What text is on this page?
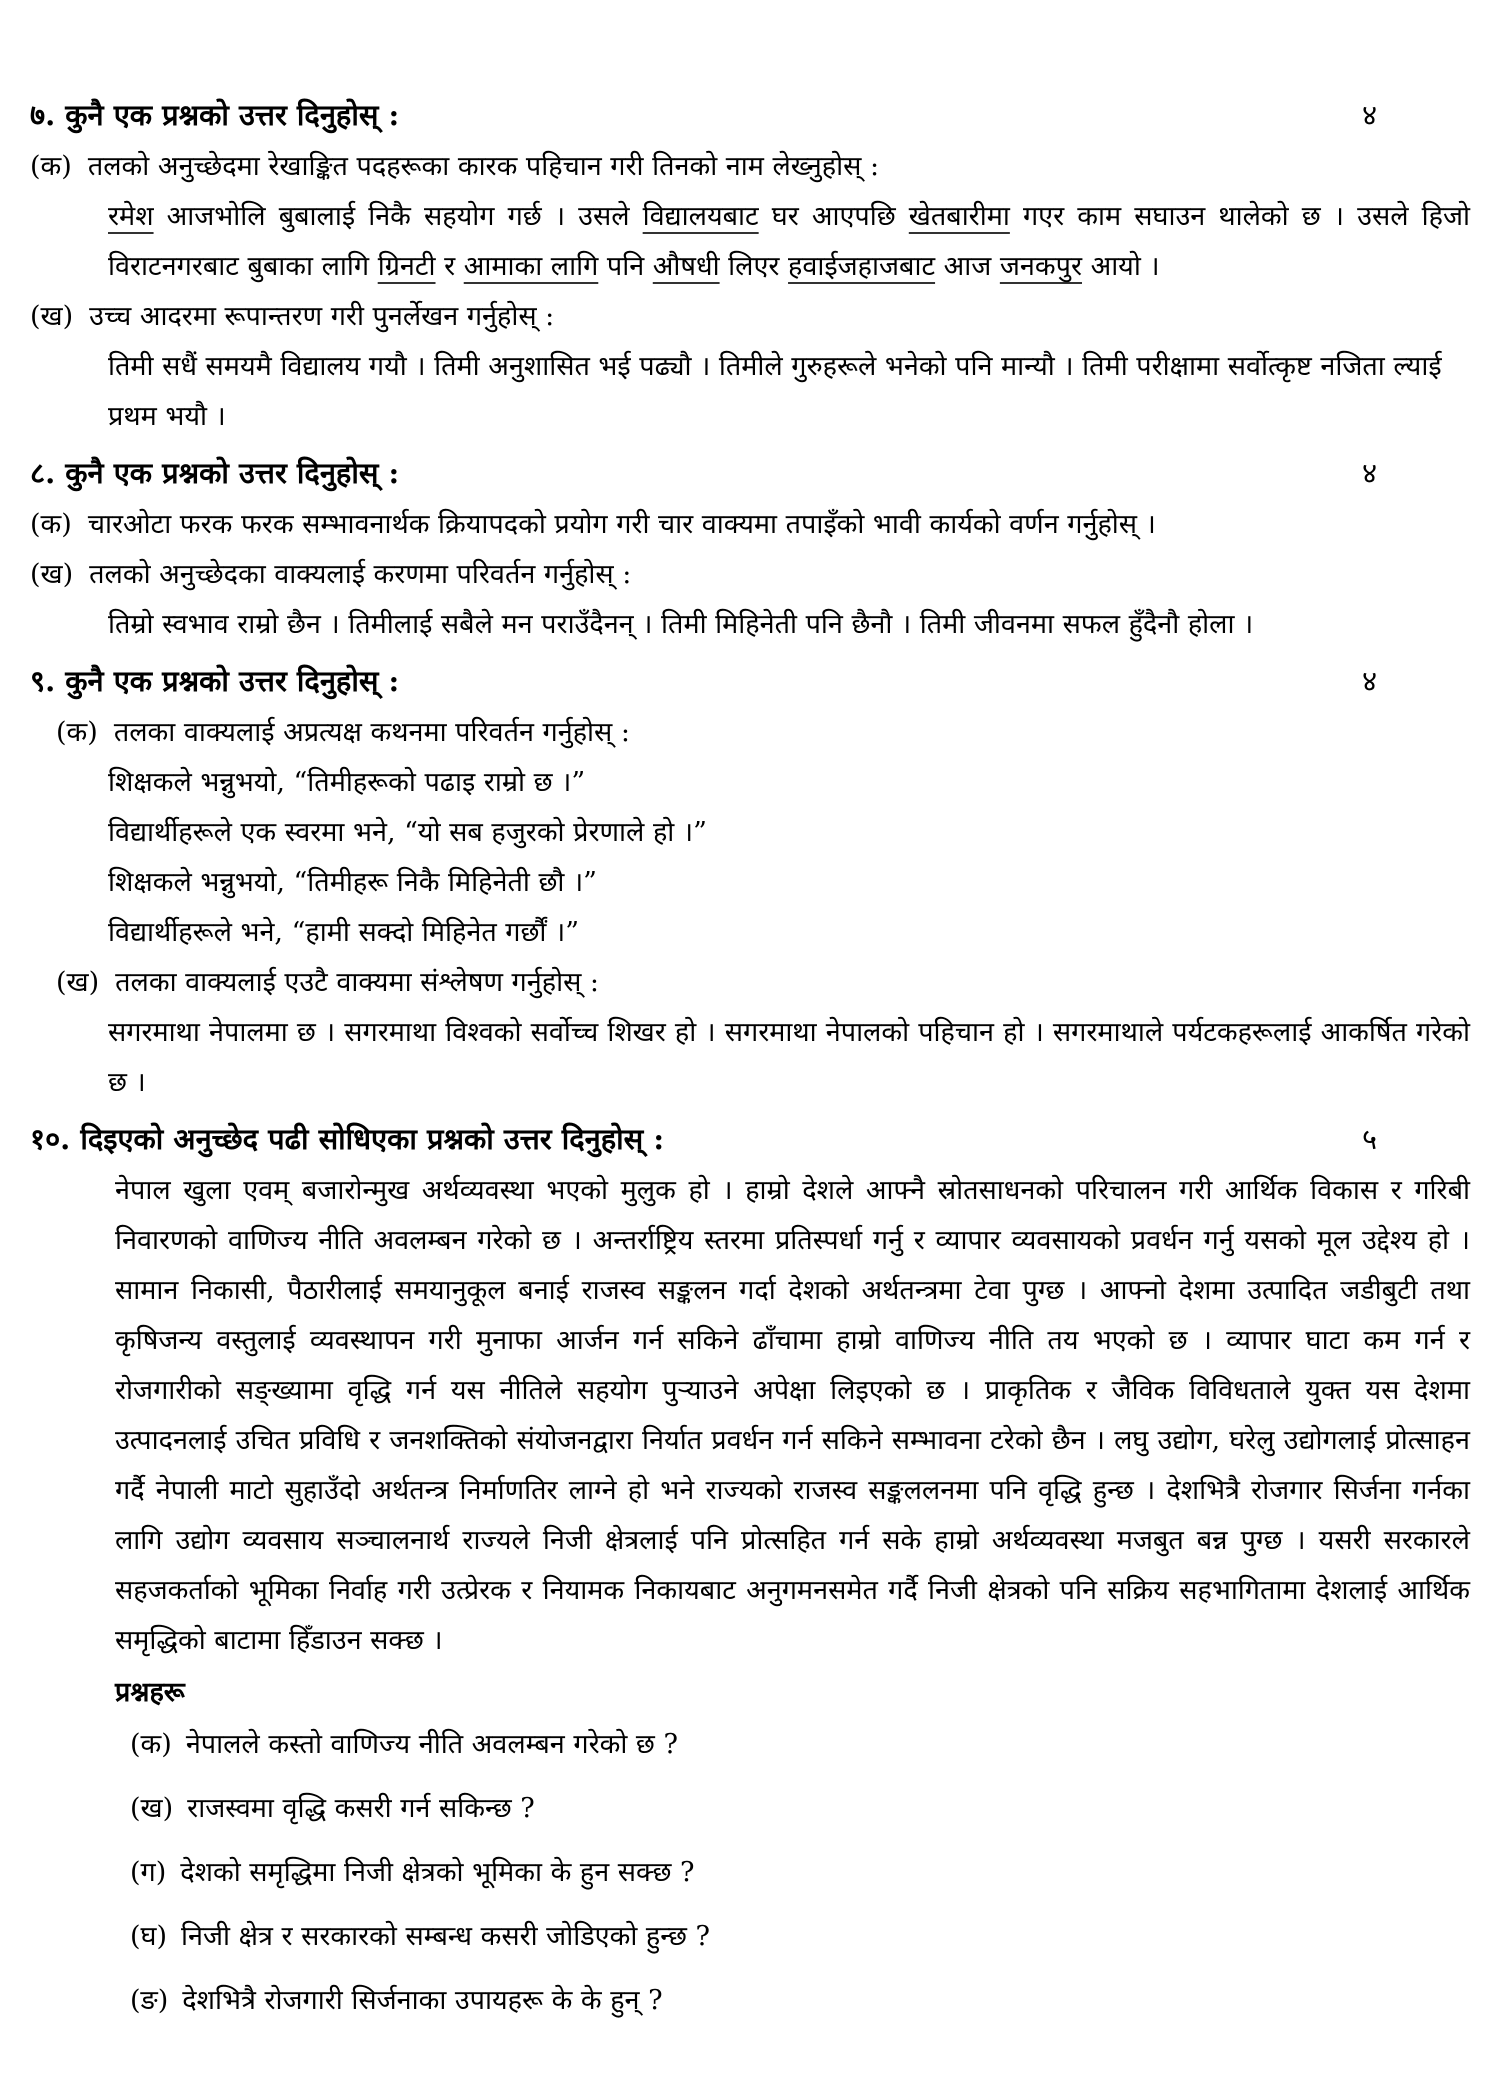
७. कुनै एक प्रश्नको उत्तर दिनुहोस् :	४
(क) तलको अनुच्छेदमा रेखाङ्कित पदहरूका कारक पहिचान गरी तिनको नाम लेख्नुहोस् :

रमेश आजभोलि बुबालाई निकै सहयोग गर्छ । उसले विद्यालयबाट घर आएपछि खेतबारीमा गएर काम सघाउन थालेको छ । उसले हिजो विराटनगरबाट बुबाका लागि ग्रिनटी र आमाका लागि पनि औषधी लिएर हवाईजहाजबाट आज जनकपुर आयो ।

(ख) उच्च आदरमा रूपान्तरण गरी पुनर्लेखन गर्नुहोस् :

तिमी सधैं समयमै विद्यालय गयौ । तिमी अनुशासित भई पढ्यौ । तिमीले गुरुहरूले भनेको पनि मान्यौ । तिमी परीक्षामा सर्वोत्कृष्ट नजिता ल्याई प्रथम भयौ ।

८. कुनै एक प्रश्नको उत्तर दिनुहोस् :	४
(क) चारओटा फरक फरक सम्भावनार्थक क्रियापदको प्रयोग गरी चार वाक्यमा तपाइँको भावी कार्यको वर्णन गर्नुहोस् ।
(ख) तलको अनुच्छेदका वाक्यलाई करणमा परिवर्तन गर्नुहोस् :

तिम्रो स्वभाव राम्रो छैन । तिमीलाई सबैले मन पराउँदैनन् । तिमी मिहिनेती पनि छैनौ । तिमी जीवनमा सफल हुँदैनौ होला ।

९. कुनै एक प्रश्नको उत्तर दिनुहोस् :	४
(क) तलका वाक्यलाई अप्रत्यक्ष कथनमा परिवर्तन गर्नुहोस् :
शिक्षकले भन्नुभयो, “तिमीहरूको पढाइ राम्रो छ ।”
विद्यार्थीहरूले एक स्वरमा भने, “यो सब हजुरको प्रेरणाले हो ।”
शिक्षकले भन्नुभयो, “तिमीहरू निकै मिहिनेती छौ ।”
विद्यार्थीहरूले भने, “हामी सक्दो मिहिनेत गर्छौं ।”
(ख) तलका वाक्यलाई एउटै वाक्यमा संश्लेषण गर्नुहोस् :

सगरमाथा नेपालमा छ । सगरमाथा विश्वको सर्वोच्च शिखर हो । सगरमाथा नेपालको पहिचान हो । सगरमाथाले पर्यटकहरूलाई आकर्षित गरेको छ ।

१०. दिइएको अनुच्छेद पढी सोधिएका प्रश्नको उत्तर दिनुहोस् :	५

नेपाल खुला एवम् बजारोन्मुख अर्थव्यवस्था भएको मुलुक हो । हाम्रो देशले आफ्नै स्रोतसाधनको परिचालन गरी आर्थिक विकास र गरिबी निवारणको वाणिज्य नीति अवलम्बन गरेको छ । अन्तर्राष्ट्रिय स्तरमा प्रतिस्पर्धा गर्नु र व्यापार व्यवसायको प्रवर्धन गर्नु यसको मूल उद्देश्य हो । सामान निकासी, पैठारीलाई समयानुकूल बनाई राजस्व सङ्कलन गर्दा देशको अर्थतन्त्रमा टेवा पुग्छ । आफ्नो देशमा उत्पादित जडीबुटी तथा कृषिजन्य वस्तुलाई व्यवस्थापन गरी मुनाफा आर्जन गर्न सकिने ढाँचामा हाम्रो वाणिज्य नीति तय भएको छ । व्यापार घाटा कम गर्न र रोजगारीको सङ्ख्यामा वृद्धि गर्न यस नीतिले सहयोग पुऱ्याउने अपेक्षा लिइएको छ । प्राकृतिक र जैविक विविधताले युक्त यस देशमा उत्पादनलाई उचित प्रविधि र जनशक्तिको संयोजनद्वारा निर्यात प्रवर्धन गर्न सकिने सम्भावना टरेको छैन । लघु उद्योग, घरेलु उद्योगलाई प्रोत्साहन गर्दै नेपाली माटो सुहाउँदो अर्थतन्त्र निर्माणतिर लाग्ने हो भने राज्यको राजस्व सङ्कललनमा पनि वृद्धि हुन्छ । देशभित्रै रोजगार सिर्जना गर्नका लागि उद्योग व्यवसाय सञ्चालनार्थ राज्यले निजी क्षेत्रलाई पनि प्रोत्सहित गर्न सके हाम्रो अर्थव्यवस्था मजबुत बन्न पुग्छ । यसरी सरकारले सहजकर्ताको भूमिका निर्वाह गरी उत्प्रेरक र नियामक निकायबाट अनुगमनसमेत गर्दै निजी क्षेत्रको पनि सक्रिय सहभागितामा देशलाई आर्थिक समृद्धिको बाटामा हिँडाउन सक्छ ।

प्रश्नहरू
(क) नेपालले कस्तो वाणिज्य नीति अवलम्बन गरेको छ ?
(ख) राजस्वमा वृद्धि कसरी गर्न सकिन्छ ?
(ग) देशको समृद्धिमा निजी क्षेत्रको भूमिका के हुन सक्छ ?
(घ) निजी क्षेत्र र सरकारको सम्बन्ध कसरी जोडिएको हुन्छ ?
(ङ) देशभित्रै रोजगारी सिर्जनाका उपायहरू के के हुन् ?
